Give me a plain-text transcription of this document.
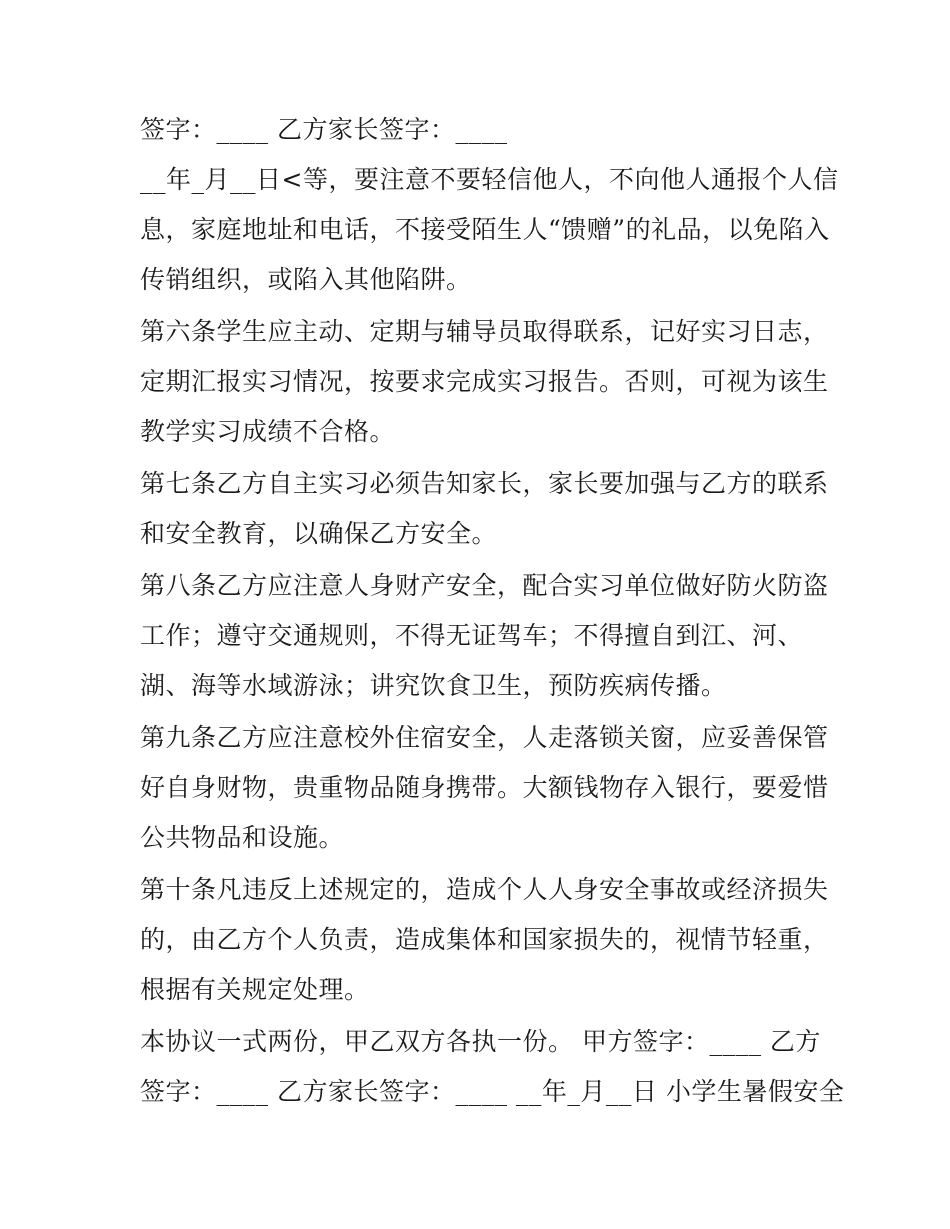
签字：____ 乙方家长签字：____
__年_月__日<等，要注意不要轻信他人，不向他人通报个人信
息，家庭地址和电话，不接受陌生人“馈赠”的礼品，以免陷入
传销组织，或陷入其他陷阱。
第六条学生应主动、定期与辅导员取得联系，记好实习日志，
定期汇报实习情况，按要求完成实习报告。否则，可视为该生
教学实习成绩不合格。
第七条乙方自主实习必须告知家长，家长要加强与乙方的联系
和安全教育，以确保乙方安全。
第八条乙方应注意人身财产安全，配合实习单位做好防火防盗
工作；遵守交通规则，不得无证驾车；不得擅自到江、河、
湖、海等水域游泳；讲究饮食卫生，预防疾病传播。
第九条乙方应注意校外住宿安全，人走落锁关窗，应妥善保管
好自身财物，贵重物品随身携带。大额钱物存入银行，要爱惜
公共物品和设施。
第十条凡违反上述规定的，造成个人人身安全事故或经济损失
的，由乙方个人负责，造成集体和国家损失的，视情节轻重，
根据有关规定处理。
本协议一式两份，甲乙双方各执一份。 甲方签字：____ 乙方
签字：____ 乙方家长签字：____ __年_月__日 小学生暑假安全
